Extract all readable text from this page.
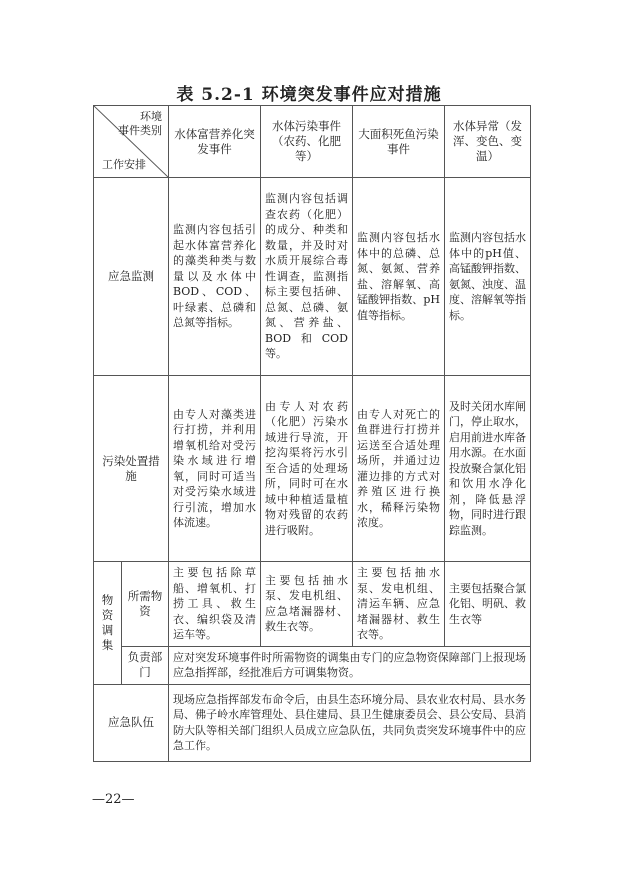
表 5.2-1 环境突发事件应对措施
环境
事件类别
工作安排		水体富营养化突发事件	水体污染事件（农药、化肥等）	大面积死鱼污染事件	水体异常（发浑、变色、变温）
应急监测		监测内容包括引起水体富营养化的藻类种类与数量以及水体中BOD、COD、叶绿素、总磷和总氮等指标。	监测内容包括调查农药（化肥）的成分、种类和数量，并及时对水质开展综合毒性调查，监测指标主要包括砷、总氮、总磷、氨氮、营养盐、BOD和COD等。	监测内容包括水体中的总磷、总氮、氨氮、营养盐、溶解氧、高锰酸钾指数、pH值等指标。	监测内容包括水体中的pH值、高锰酸钾指数、氨氮、浊度、温度、溶解氧等指标。
污染处置措施		由专人对藻类进行打捞，并利用增氧机给对受污染水域进行增氧，同时可适当对受污染水域进行引流，增加水体流速。	由专人对农药（化肥）污染水域进行导流，开挖沟渠将污水引至合适的处理场所，同时可在水域中种植适量植物对残留的农药进行吸附。	由专人对死亡的鱼群进行打捞并运送至合适处理场所，并通过边灌边排的方式对养殖区进行换水，稀释污染物浓度。	及时关闭水库闸门，停止取水，启用前进水库备用水源。在水面投放聚合氯化铝和饮用水净化剂，降低悬浮物，同时进行跟踪监测。
物资调集	所需物资	主要包括除草船、增氧机、打捞工具、救生衣、编织袋及清运车等。	主要包括抽水泵、发电机组、应急堵漏器材、救生衣等。	主要包括抽水泵、发电机组、清运车辆、应急堵漏器材、救生衣等。	主要包括聚合氯化铝、明矾、救生衣等
	负责部门	应对突发环境事件时所需物资的调集由专门的应急物资保障部门上报现场应急指挥部，经批准后方可调集物资。			
应急队伍		现场应急指挥部发布命令后，由县生态环境分局、县农业农村局、县水务局、佛子岭水库管理处、县住建局、县卫生健康委员会、县公安局、县消防大队等相关部门组织人员成立应急队伍，共同负责突发环境事件中的应急工作。			
—22—
